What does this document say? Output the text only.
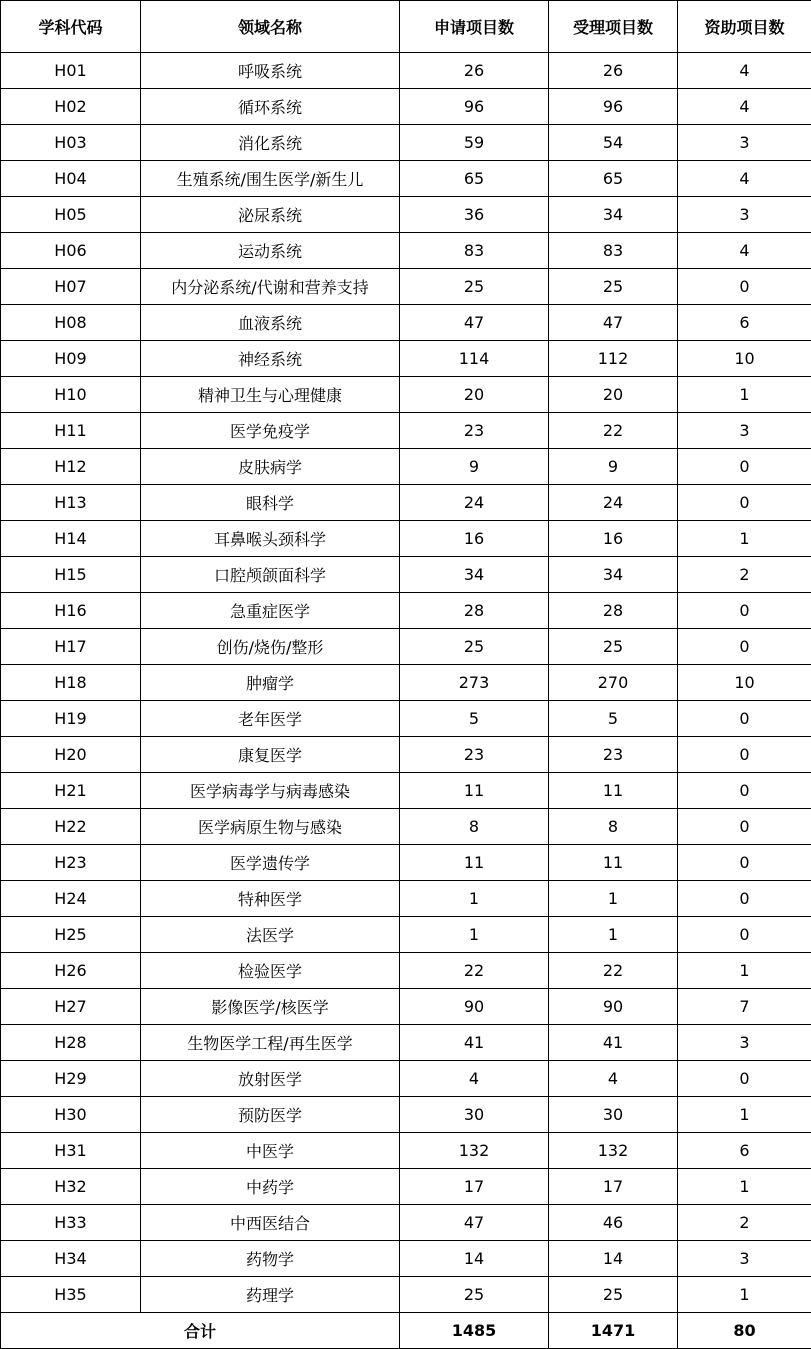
学科代码	领域名称	申请项目数	受理项目数	资助项目数
H01	呼吸系统	26	26	4
H02	循环系统	96	96	4
H03	消化系统	59	54	3
H04	生殖系统/围生医学/新生儿	65	65	4
H05	泌尿系统	36	34	3
H06	运动系统	83	83	4
H07	内分泌系统/代谢和营养支持	25	25	0
H08	血液系统	47	47	6
H09	神经系统	114	112	10
H10	精神卫生与心理健康	20	20	1
H11	医学免疫学	23	22	3
H12	皮肤病学	9	9	0
H13	眼科学	24	24	0
H14	耳鼻喉头颈科学	16	16	1
H15	口腔颅颌面科学	34	34	2
H16	急重症医学	28	28	0
H17	创伤/烧伤/整形	25	25	0
H18	肿瘤学	273	270	10
H19	老年医学	5	5	0
H20	康复医学	23	23	0
H21	医学病毒学与病毒感染	11	11	0
H22	医学病原生物与感染	8	8	0
H23	医学遗传学	11	11	0
H24	特种医学	1	1	0
H25	法医学	1	1	0
H26	检验医学	22	22	1
H27	影像医学/核医学	90	90	7
H28	生物医学工程/再生医学	41	41	3
H29	放射医学	4	4	0
H30	预防医学	30	30	1
H31	中医学	132	132	6
H32	中药学	17	17	1
H33	中西医结合	47	46	2
H34	药物学	14	14	3
H35	药理学	25	25	1
合计		1485	1471	80
